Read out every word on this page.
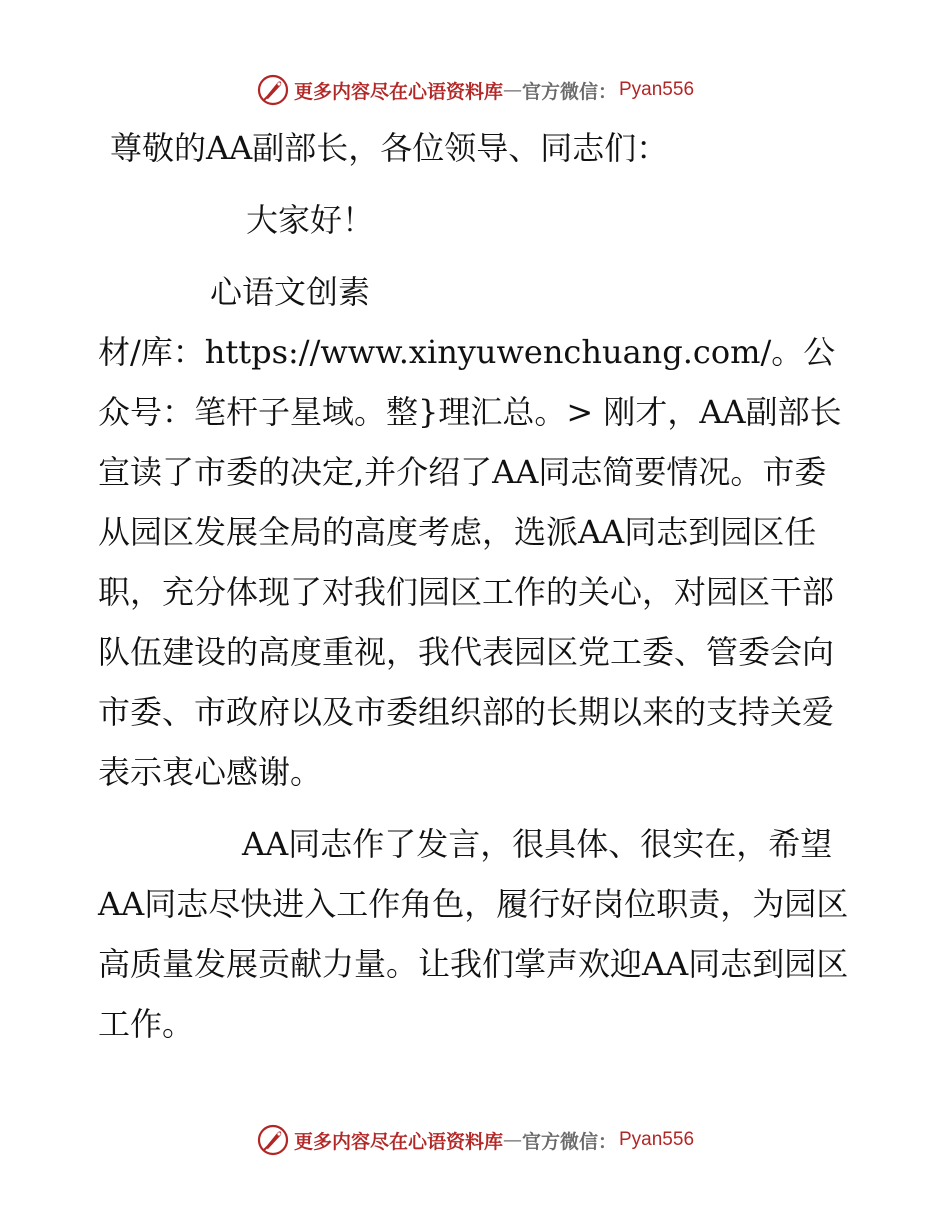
更多内容尽在心语资料库 — 官方微信： Pyan556

尊敬的AA副部长，各位领导、同志们：

大家好！

心语文创素

材/库：https://www.xinyuwenchuang.com/。公众号：笔杆子星域。整}理汇总。> 刚才，AA副部长宣读了市委的决定,并介绍了AA同志简要情况。市委从园区发展全局的高度考虑，选派AA同志到园区任职，充分体现了对我们园区工作的关心，对园区干部队伍建设的高度重视，我代表园区党工委、管委会向市委、市政府以及市委组织部的长期以来的支持关爱表示衷心感谢。

AA同志作了发言，很具体、很实在，希望AA同志尽快进入工作角色，履行好岗位职责，为园区高质量发展贡献力量。让我们掌声欢迎AA同志到园区工作。

更多内容尽在心语资料库 — 官方微信： Pyan556
